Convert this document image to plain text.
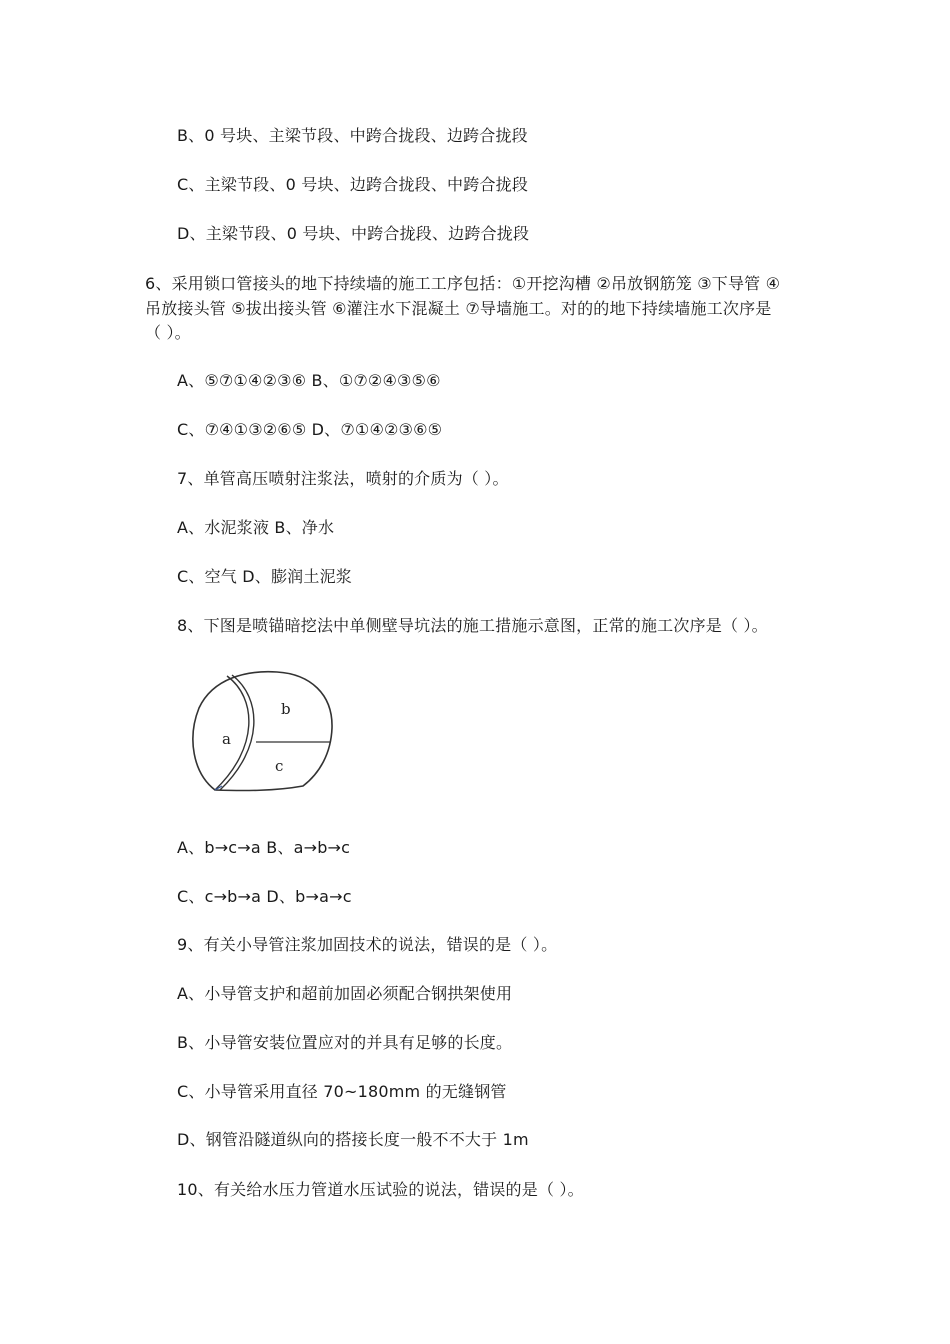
B、0 号块、主梁节段、中跨合拢段、边跨合拢段
C、主梁节段、0 号块、边跨合拢段、中跨合拢段
D、主梁节段、0 号块、中跨合拢段、边跨合拢段
6、采用锁口管接头的地下持续墙的施工工序包括：①开挖沟槽 ②吊放钢筋笼 ③下导管 ④
吊放接头管 ⑤拔出接头管 ⑥灌注水下混凝土 ⑦导墙施工。对的的地下持续墙施工次序是
（ ）。
A、⑤⑦①④②③⑥ B、①⑦②④③⑤⑥
C、⑦④①③②⑥⑤ D、⑦①④②③⑥⑤
7、单管高压喷射注浆法，喷射的介质为（ ）。
A、水泥浆液 B、净水
C、空气 D、膨润土泥浆
8、下图是喷锚暗挖法中单侧壁导坑法的施工措施示意图，正常的施工次序是（ ）。
a
b
c
A、b→c→a B、a→b→c
C、c→b→a D、b→a→c
9、有关小导管注浆加固技术的说法，错误的是（ ）。
A、小导管支护和超前加固必须配合钢拱架使用
B、小导管安装位置应对的并具有足够的长度。
C、小导管采用直径 70~180mm 的无缝钢管
D、钢管沿隧道纵向的搭接长度一般不不大于 1m
10、有关给水压力管道水压试验的说法，错误的是（ ）。
